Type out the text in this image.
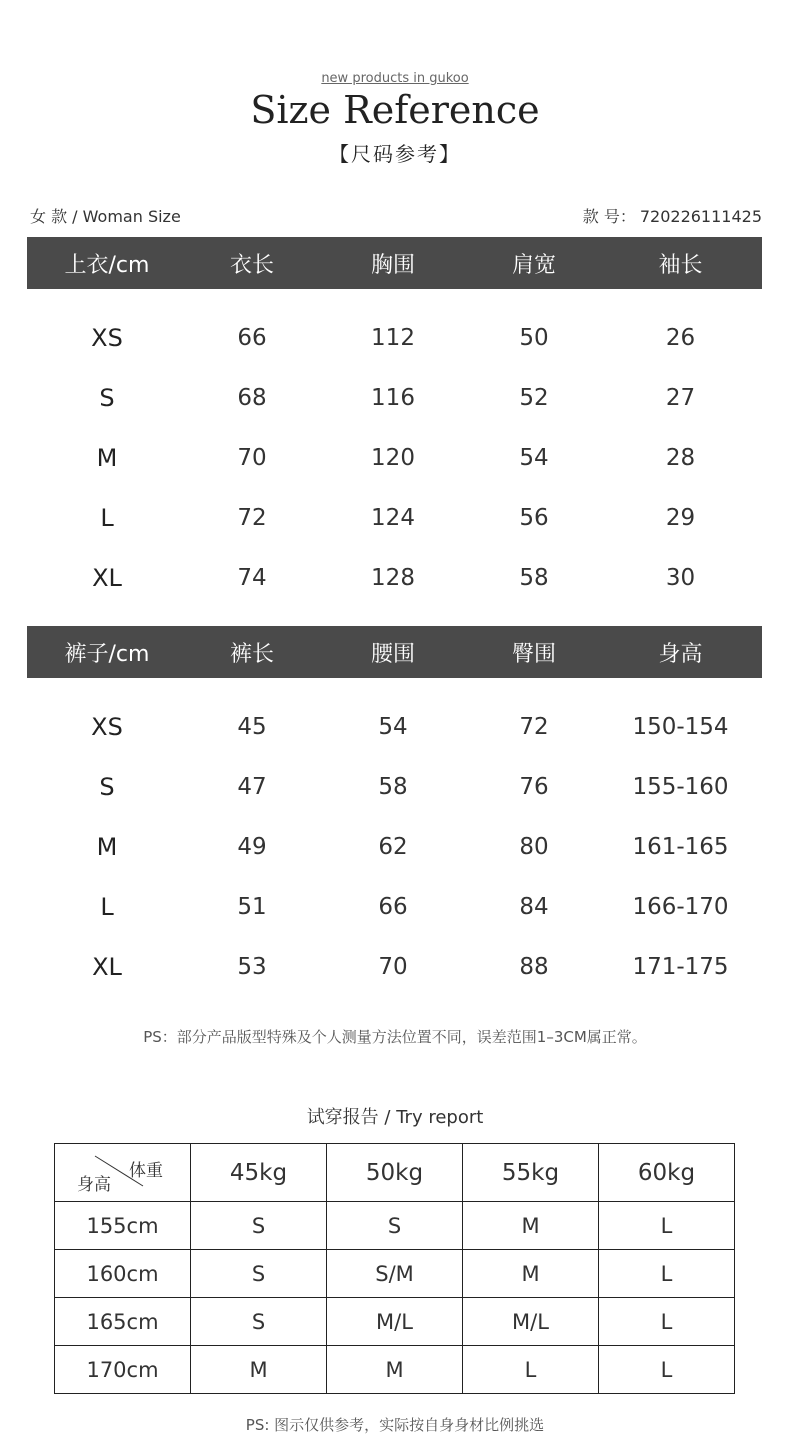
new products in gukoo
Size Reference
【尺码参考】
女 款 / Woman Size	款 号： 720226111425
上衣/cm	衣长	胸围	肩宽	袖长
XS	66	112	50	26
S	68	116	52	27
M	70	120	54	28
L	72	124	56	29
XL	74	128	58	30
裤子/cm	裤长	腰围	臀围	身高
XS	45	54	72	150-154
S	47	58	76	155-160
M	49	62	80	161-165
L	51	66	84	166-170
XL	53	70	88	171-175
PS：部分产品版型特殊及个人测量方法位置不同，误差范围1–3CM属正常。
试穿报告 / Try report
体重
身高	45kg	50kg	55kg	60kg
155cm	S	S	M	L
160cm	S	S/M	M	L
165cm	S	M/L	M/L	L
170cm	M	M	L	L
PS: 图示仅供参考，实际按自身身材比例挑选
